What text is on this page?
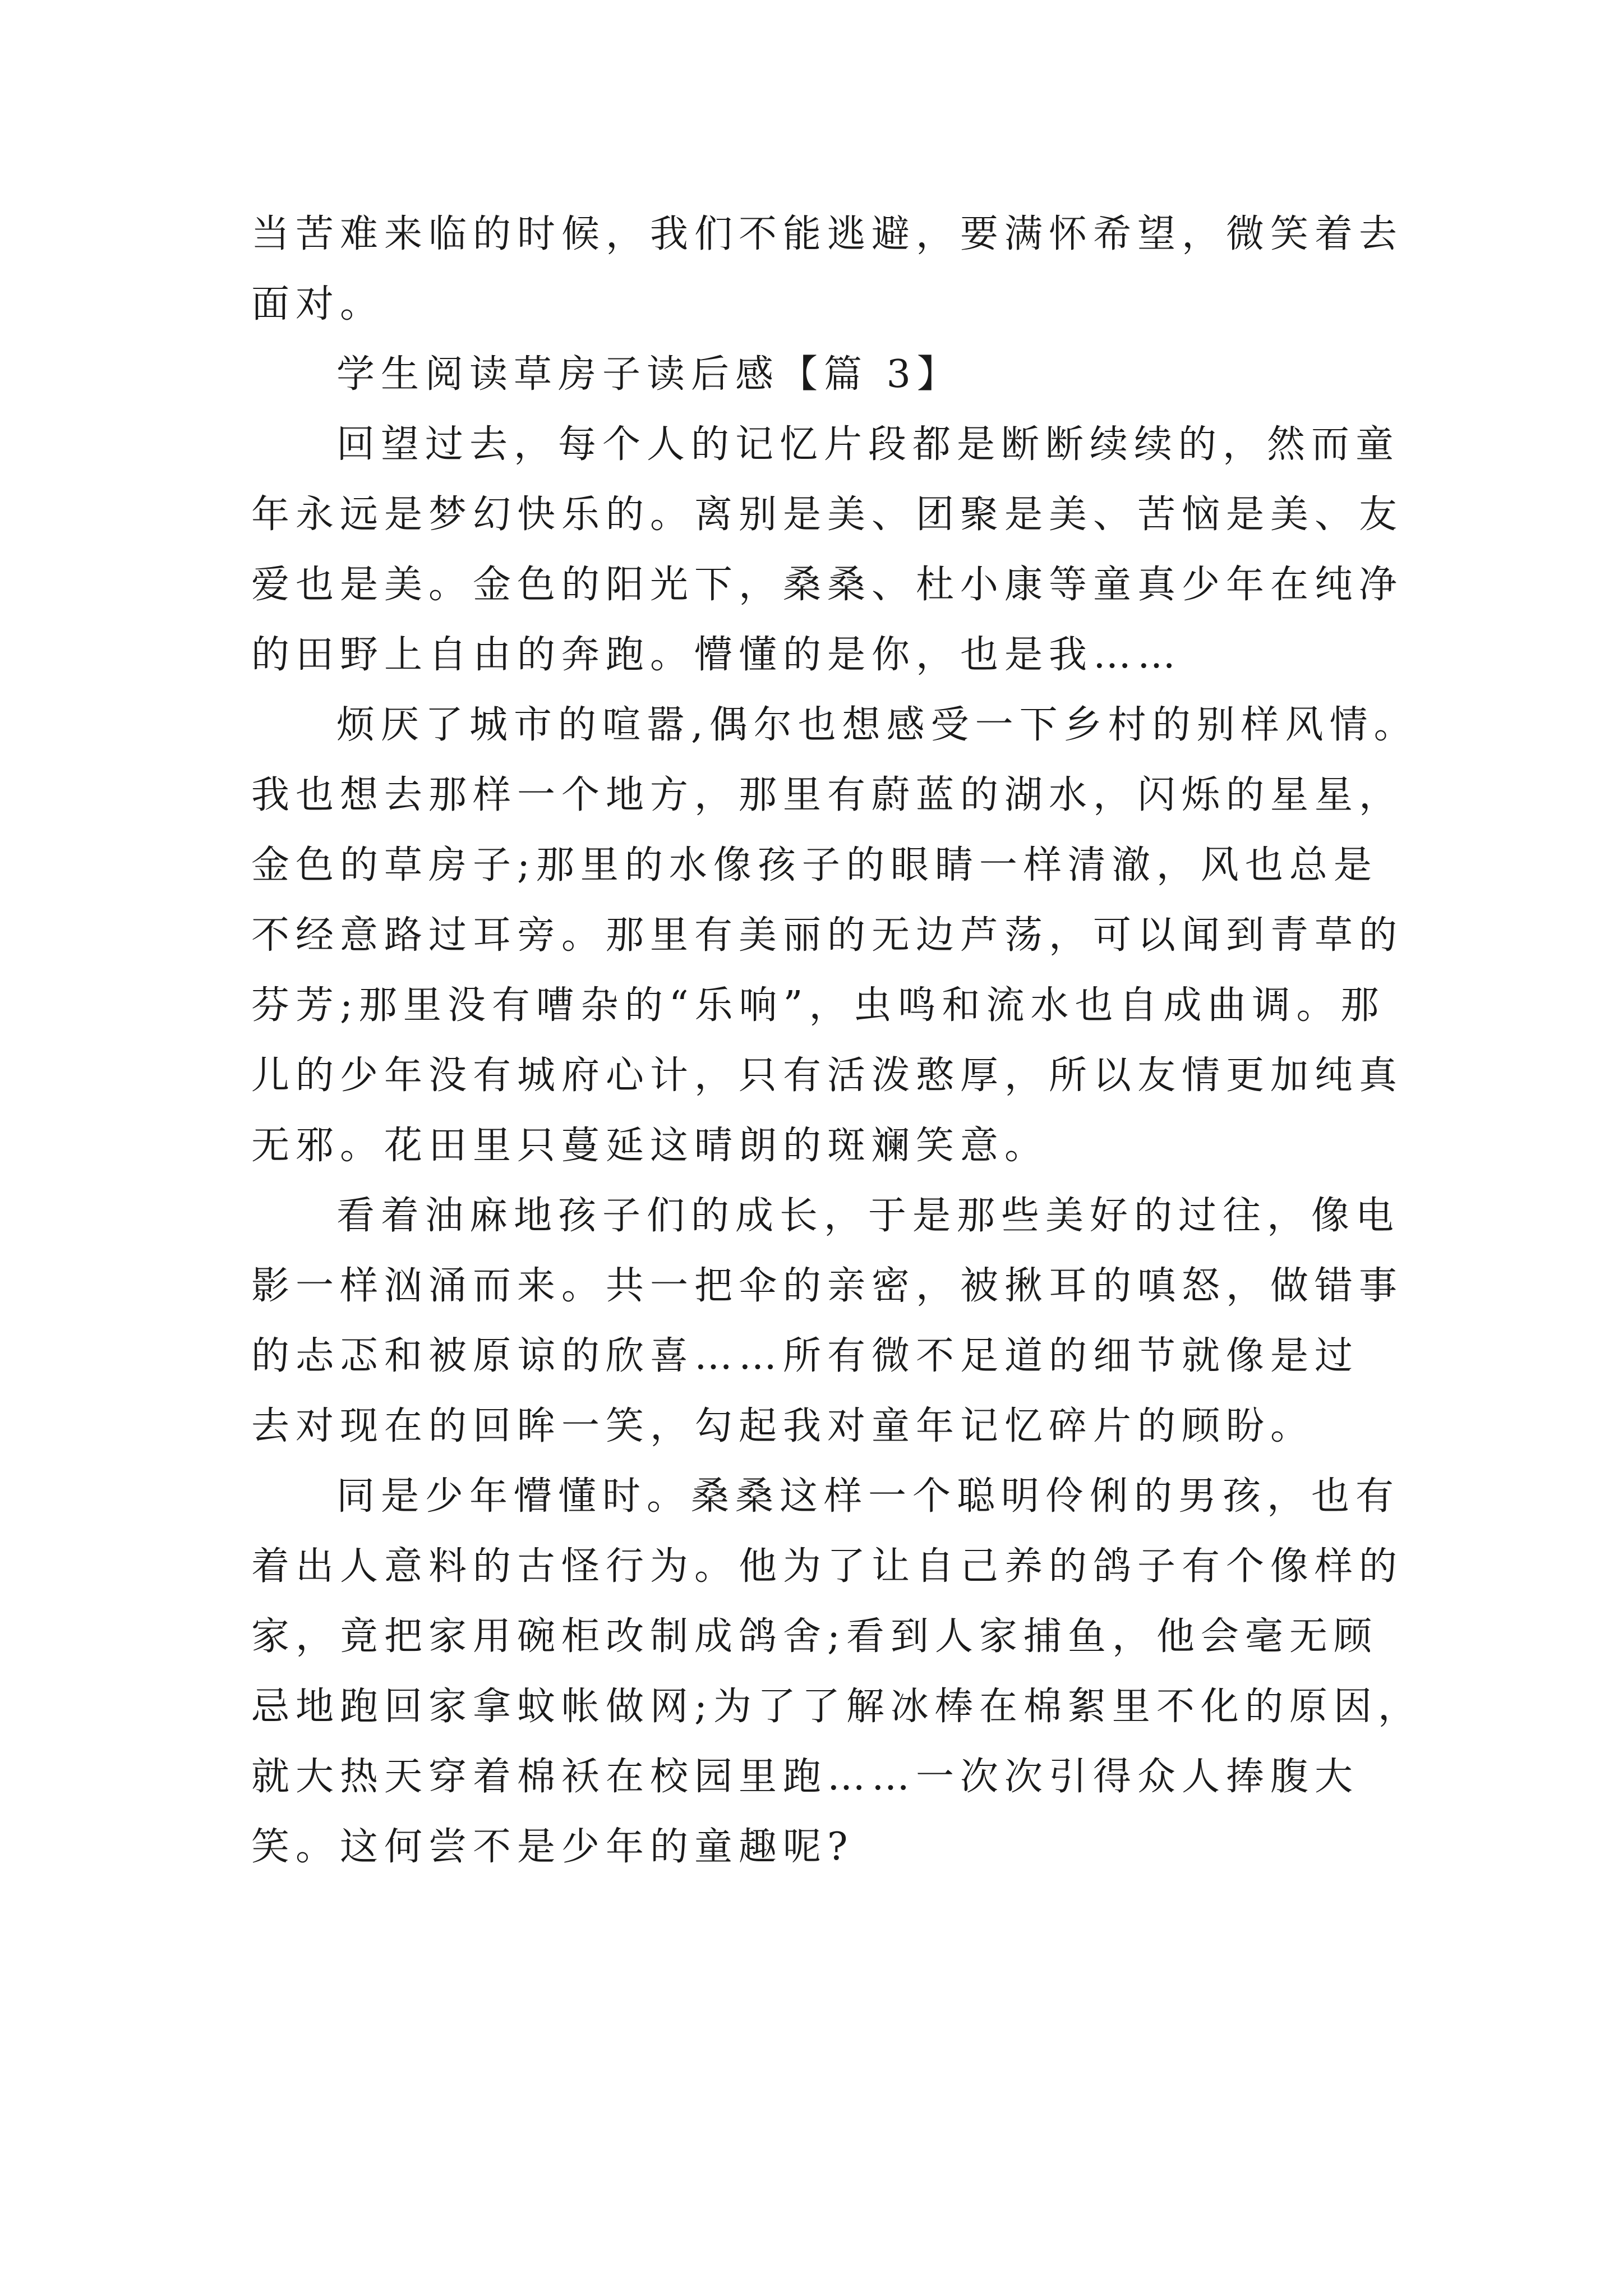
当苦难来临的时候，我们不能逃避，要满怀希望，微笑着去
面对。

学生阅读草房子读后感【篇 3】

回望过去，每个人的记忆片段都是断断续续的，然而童
年永远是梦幻快乐的。离别是美、团聚是美、苦恼是美、友
爱也是美。金色的阳光下，桑桑、杜小康等童真少年在纯净
的田野上自由的奔跑。懵懂的是你，也是我……

烦厌了城市的喧嚣,偶尔也想感受一下乡村的别样风情。
我也想去那样一个地方，那里有蔚蓝的湖水，闪烁的星星，
金色的草房子;那里的水像孩子的眼睛一样清澈，风也总是
不经意路过耳旁。那里有美丽的无边芦荡，可以闻到青草的
芬芳;那里没有嘈杂的“乐响”，虫鸣和流水也自成曲调。那
儿的少年没有城府心计，只有活泼憨厚，所以友情更加纯真
无邪。花田里只蔓延这晴朗的斑斓笑意。

看着油麻地孩子们的成长，于是那些美好的过往，像电
影一样汹涌而来。共一把伞的亲密，被揪耳的嗔怒，做错事
的忐忑和被原谅的欣喜……所有微不足道的细节就像是过
去对现在的回眸一笑，勾起我对童年记忆碎片的顾盼。

同是少年懵懂时。桑桑这样一个聪明伶俐的男孩，也有
着出人意料的古怪行为。他为了让自己养的鸽子有个像样的
家，竟把家用碗柜改制成鸽舍;看到人家捕鱼，他会毫无顾
忌地跑回家拿蚊帐做网;为了了解冰棒在棉絮里不化的原因，
就大热天穿着棉袄在校园里跑……一次次引得众人捧腹大
笑。这何尝不是少年的童趣呢?
